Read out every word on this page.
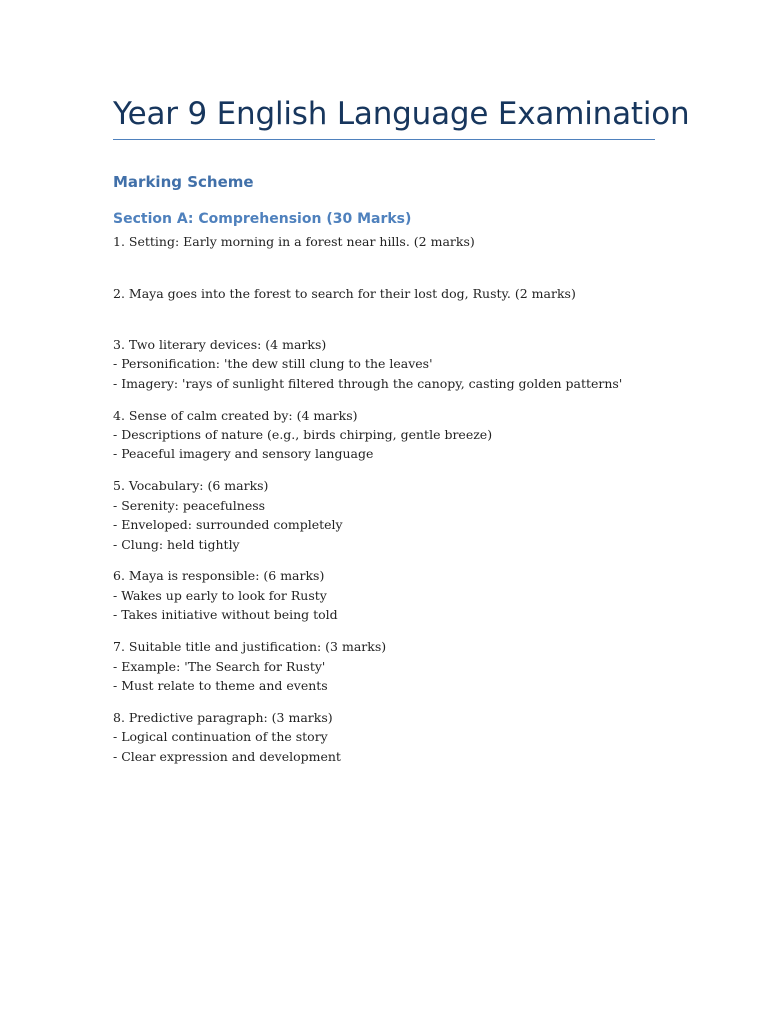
Year 9 English Language Examination
Marking Scheme
Section A: Comprehension (30 Marks)
1. Setting: Early morning in a forest near hills. (2 marks)
2. Maya goes into the forest to search for their lost dog, Rusty. (2 marks)
3. Two literary devices: (4 marks)
- Personification: 'the dew still clung to the leaves'
- Imagery: 'rays of sunlight filtered through the canopy, casting golden patterns'
4. Sense of calm created by: (4 marks)
- Descriptions of nature (e.g., birds chirping, gentle breeze)
- Peaceful imagery and sensory language
5. Vocabulary: (6 marks)
- Serenity: peacefulness
- Enveloped: surrounded completely
- Clung: held tightly
6. Maya is responsible: (6 marks)
- Wakes up early to look for Rusty
- Takes initiative without being told
7. Suitable title and justification: (3 marks)
- Example: 'The Search for Rusty'
- Must relate to theme and events
8. Predictive paragraph: (3 marks)
- Logical continuation of the story
- Clear expression and development
